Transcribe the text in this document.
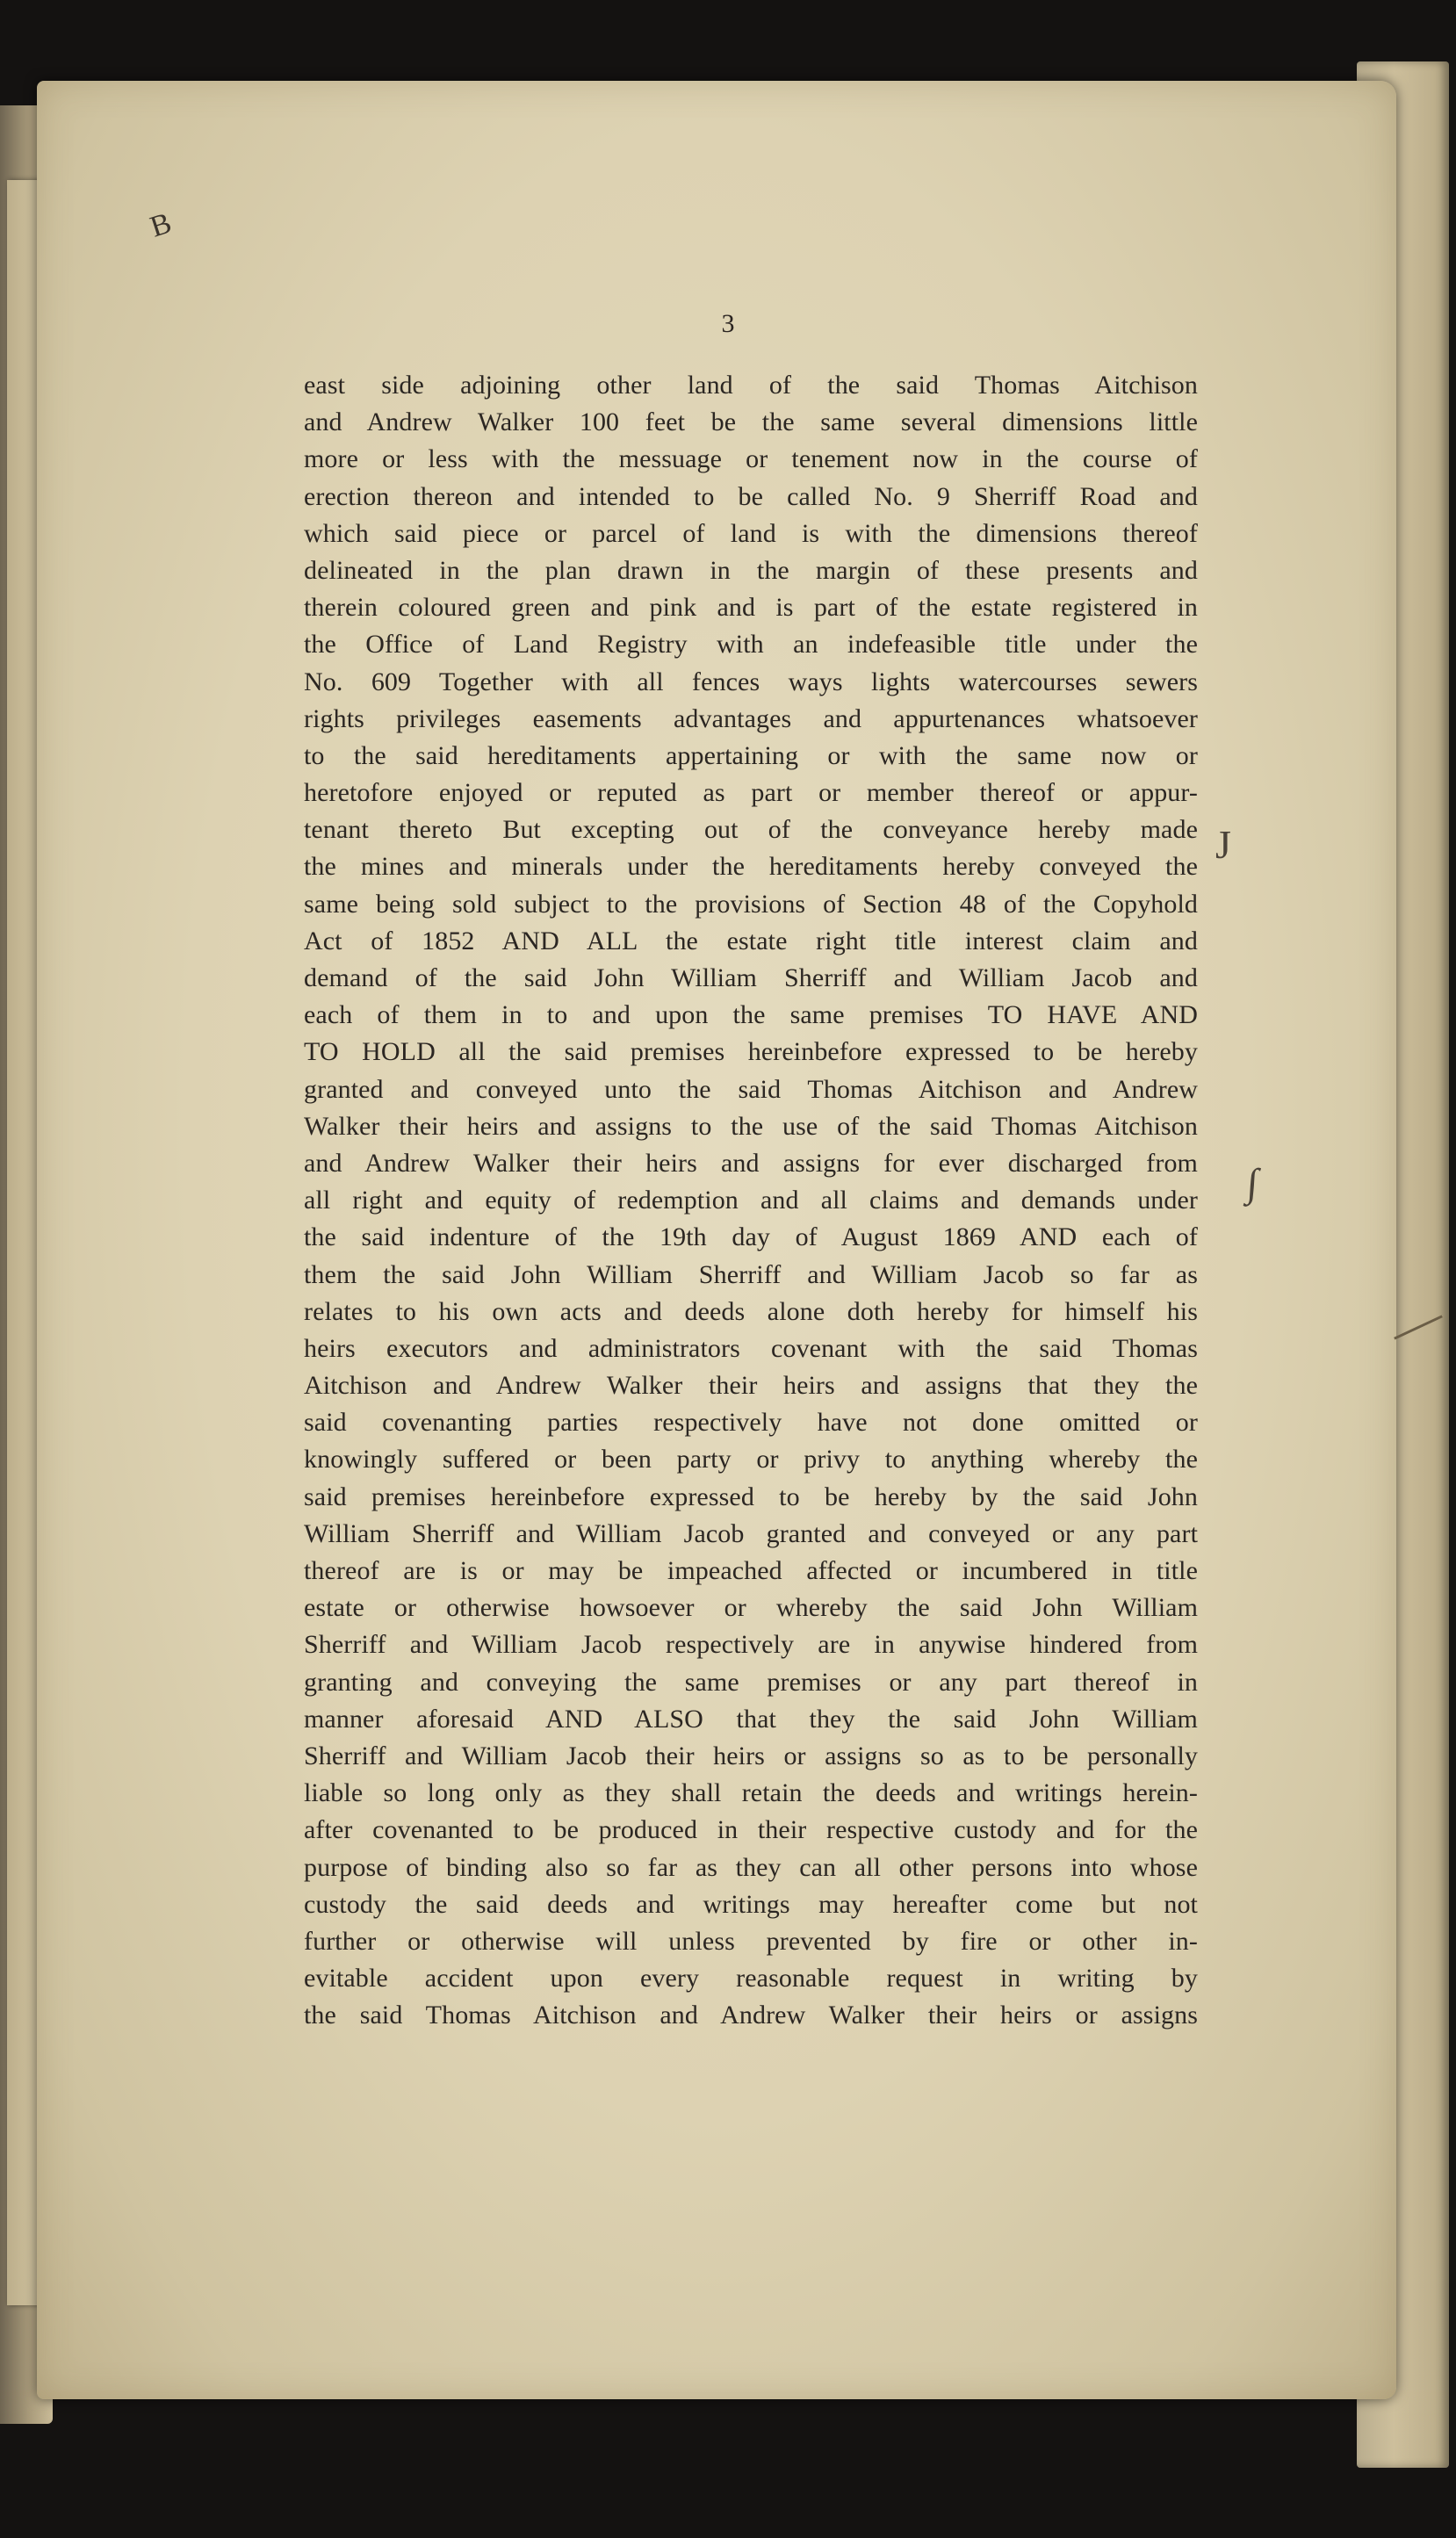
B
J
∫
3
east side adjoining other land of the said Thomas Aitchison
and Andrew Walker 100 feet be the same several dimensions little
more or less with the messuage or tenement now in the course of
erection thereon and intended to be called No. 9 Sherriff Road and
which said piece or parcel of land is with the dimensions thereof
delineated in the plan drawn in the margin of these presents and
therein coloured green and pink and is part of the estate registered in
the Office of Land Registry with an indefeasible title under the
No. 609 Together with all fences ways lights watercourses sewers
rights privileges easements advantages and appurtenances whatsoever
to the said hereditaments appertaining or with the same now or
heretofore enjoyed or reputed as part or member thereof or appur-
tenant thereto But excepting out of the conveyance hereby made
the mines and minerals under the hereditaments hereby conveyed the
same being sold subject to the provisions of Section 48 of the Copyhold
Act of 1852 AND ALL the estate right title interest claim and
demand of the said John William Sherriff and William Jacob and
each of them in to and upon the same premises TO HAVE AND
TO HOLD all the said premises hereinbefore expressed to be hereby
granted and conveyed unto the said Thomas Aitchison and Andrew
Walker their heirs and assigns to the use of the said Thomas Aitchison
and Andrew Walker their heirs and assigns for ever discharged from
all right and equity of redemption and all claims and demands under
the said indenture of the 19th day of August 1869 AND each of
them the said John William Sherriff and William Jacob so far as
relates to his own acts and deeds alone doth hereby for himself his
heirs executors and administrators covenant with the said Thomas
Aitchison and Andrew Walker their heirs and assigns that they the
said covenanting parties respectively have not done omitted or
knowingly suffered or been party or privy to anything whereby the
said premises hereinbefore expressed to be hereby by the said John
William Sherriff and William Jacob granted and conveyed or any part
thereof are is or may be impeached affected or incumbered in title
estate or otherwise howsoever or whereby the said John William
Sherriff and William Jacob respectively are in anywise hindered from
granting and conveying the same premises or any part thereof in
manner aforesaid AND ALSO that they the said John William
Sherriff and William Jacob their heirs or assigns so as to be personally
liable so long only as they shall retain the deeds and writings herein-
after covenanted to be produced in their respective custody and for the
purpose of binding also so far as they can all other persons into whose
custody the said deeds and writings may hereafter come but not
further or otherwise will unless prevented by fire or other in-
evitable accident upon every reasonable request in writing by
the said Thomas Aitchison and Andrew Walker their heirs or assigns
